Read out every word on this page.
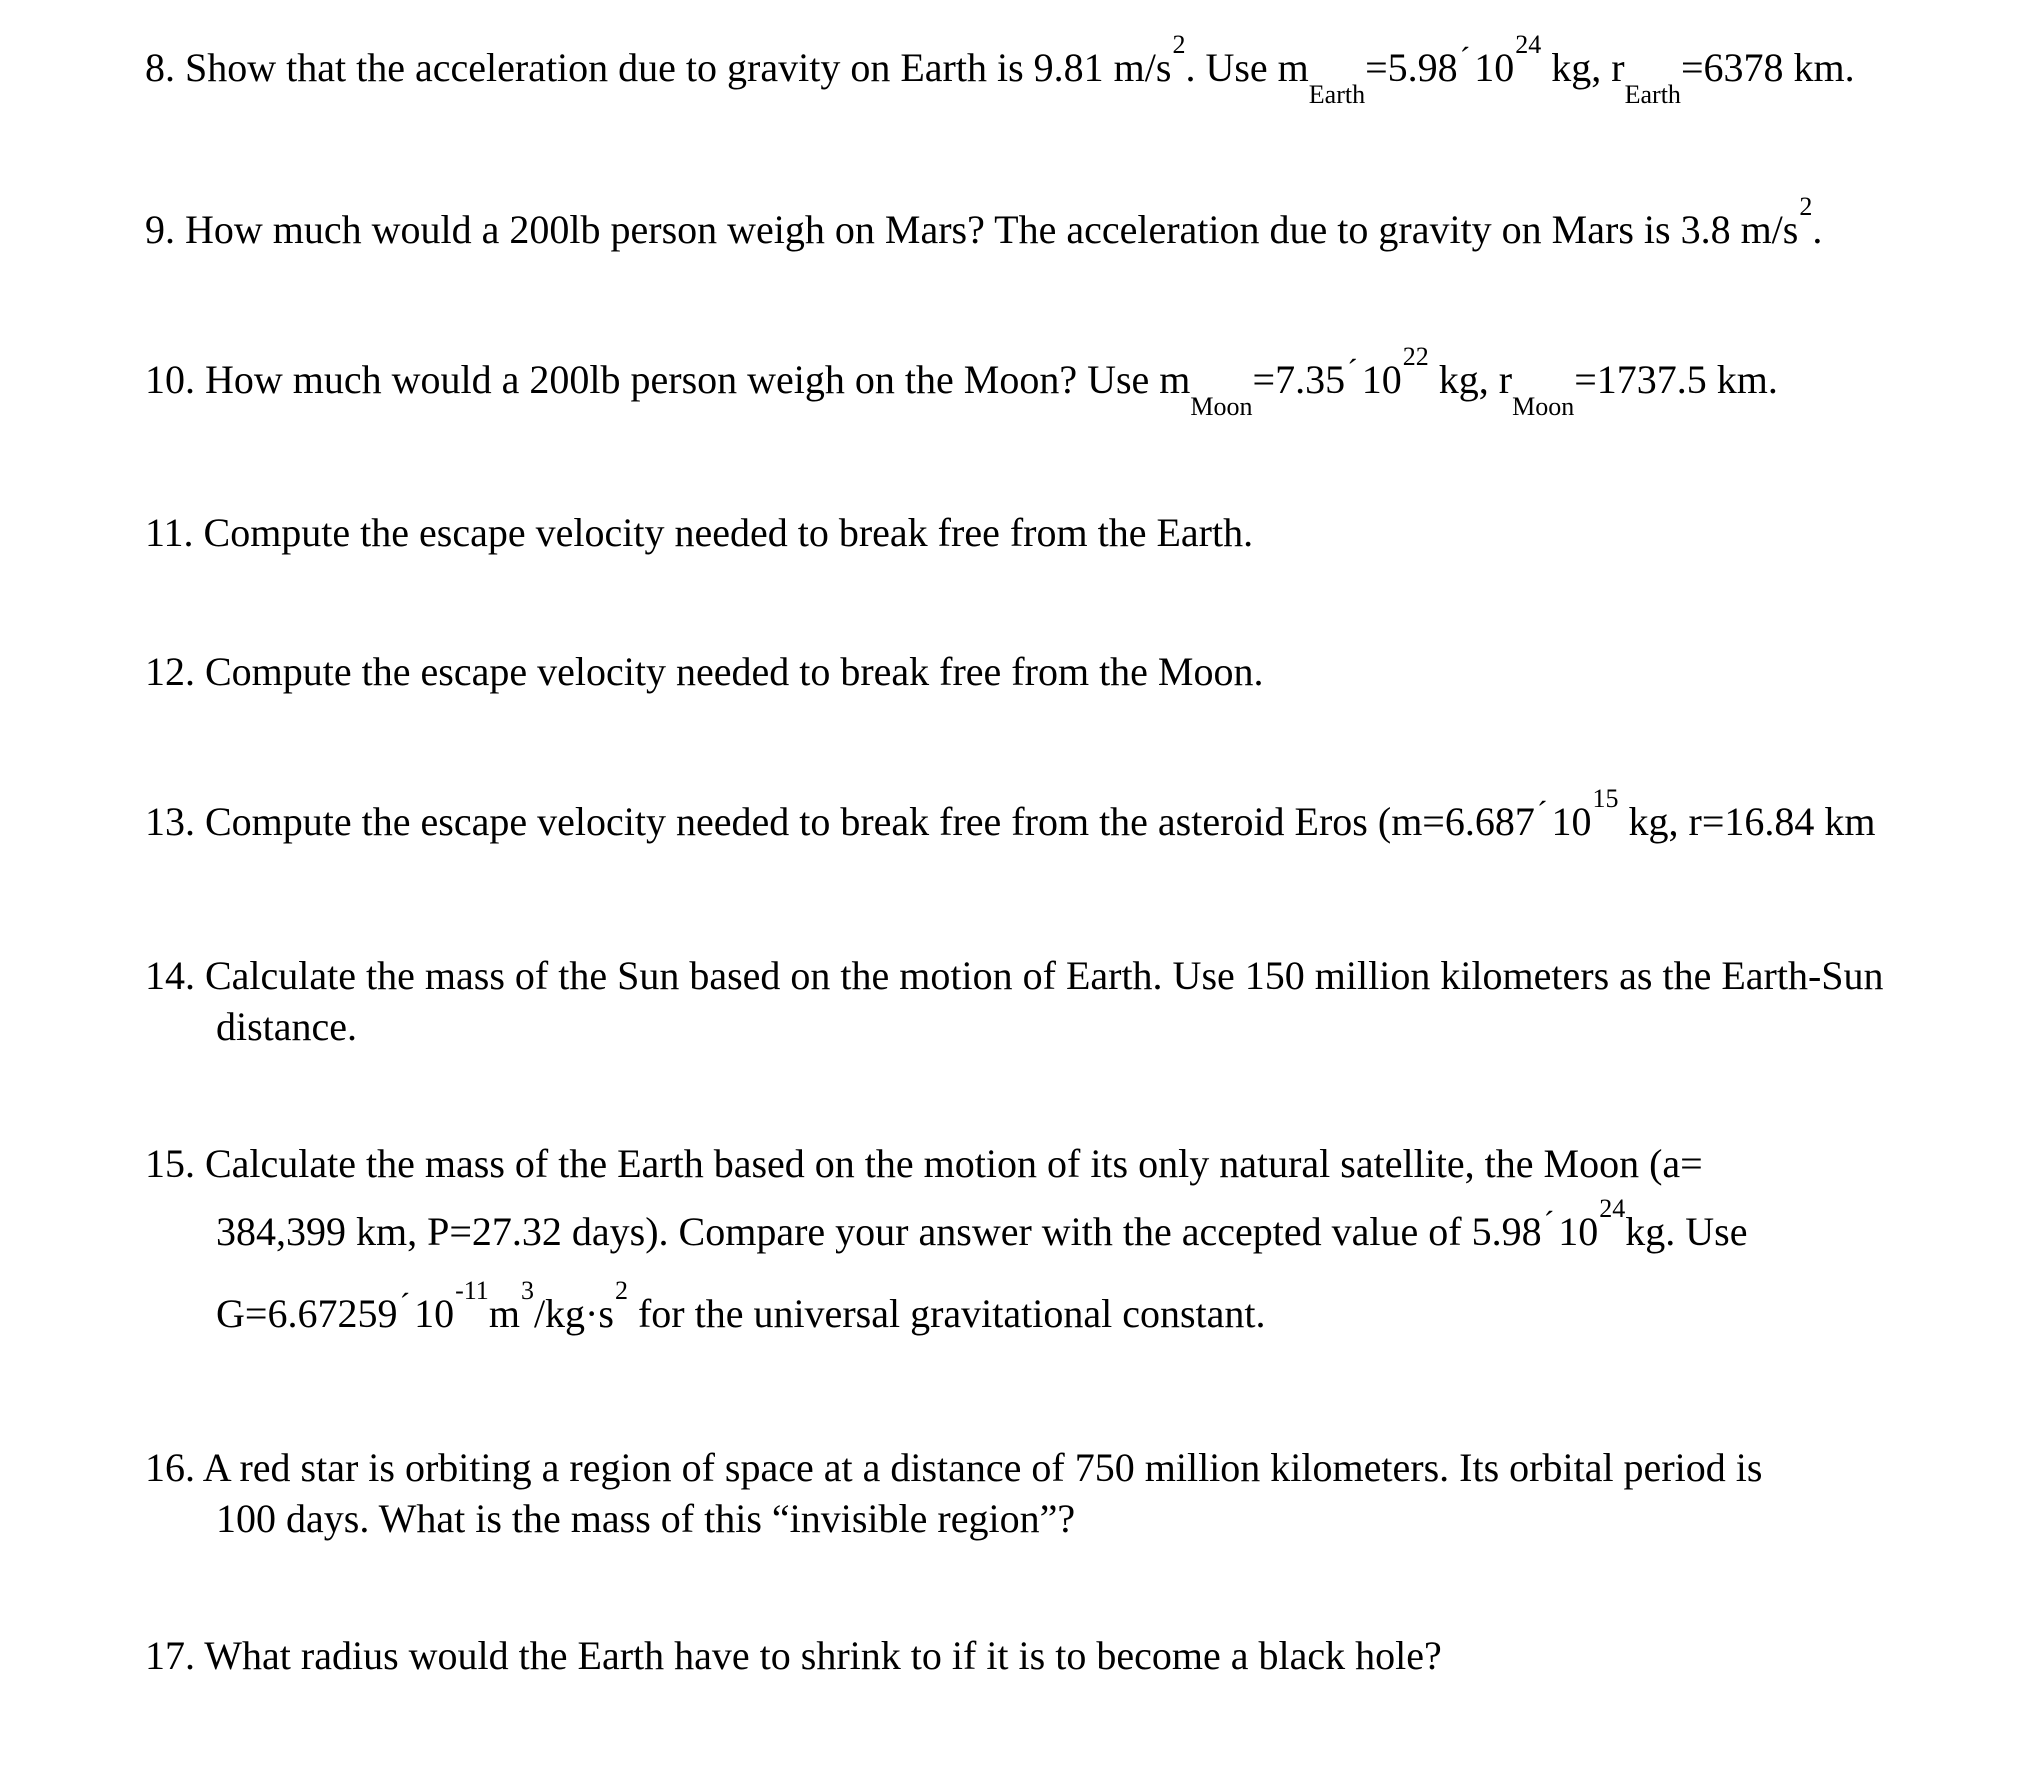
8. Show that the acceleration due to gravity on Earth is 9.81 $m/s^2$. Use $m_{Earth}=5.98^´$ $10^{24}$ kg, $r_{Earth}=6378$ km.
9. How much would a 200lb person weigh on Mars? The acceleration due to gravity on Mars is 3.8 $m/s^2$.
10. How much would a 200lb person weigh on the Moon? Use $m_{Moon}=7.35^´$ $10^{22}$ kg, $r_{Moon}=1737.5$ km.
11. Compute the escape velocity needed to break free from the Earth.
12. Compute the escape velocity needed to break free from the Moon.
13. Compute the escape velocity needed to break free from the asteroid Eros (m=6.687´ $10^{15}$ kg, r=16.84 km
14. Calculate the mass of the Sun based on the motion of Earth. Use 150 million kilometers as the Earth-Sun
distance.
15. Calculate the mass of the Earth based on the motion of its only natural satellite, the Moon (a=
384,399 km, P=27.32 days). Compare your answer with the accepted value of 5.98´ $10^{24}kg$. Use
G=6.67259´ $10^{-11}m^3/kg\cdot s^2$ for the universal gravitational constant.
16. A red star is orbiting a region of space at a distance of 750 million kilometers. Its orbital period is
100 days. What is the mass of this “invisible region”?
17. What radius would the Earth have to shrink to if it is to become a black hole?
